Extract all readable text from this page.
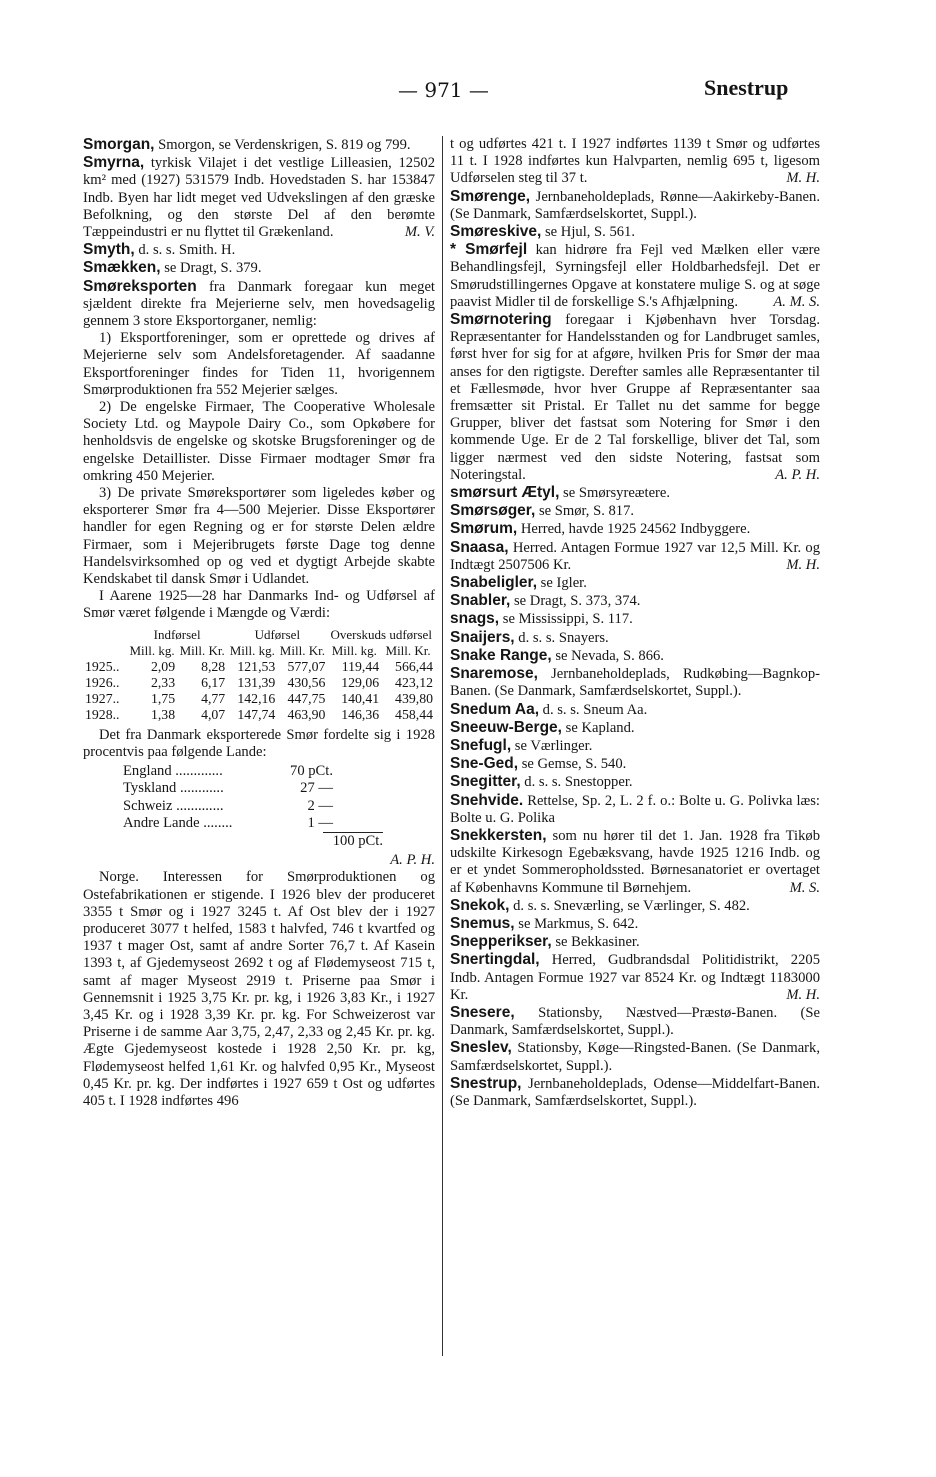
— 971 —	Snestrup

Smorgan, Smorgon, se Verdenskrigen, S. 819 og 799.

Smyrna, tyrkisk Vilajet i det vestlige Lilleasien, 12502 km² med (1927) 531579 Indb. Hovedstaden S. har 153847 Indb. Byen har lidt meget ved Udvekslingen af den græske Befolkning, og den største Del af den berømte Tæppeindustri er nu flyttet til Grækenland.	M. V.

Smyth, d. s. s. Smith. H.

Smækken, se Dragt, S. 379.

Smøreksporten fra Danmark foregaar kun meget sjældent direkte fra Mejerierne selv, men hovedsagelig gennem 3 store Eksportorganer, nemlig:

1) Eksportforeninger, som er oprettede og drives af Mejerierne selv som Andelsforetagender. Af saadanne Eksportforeninger findes for Tiden 11, hvorigennem Smørproduktionen fra 552 Mejerier sælges.

2) De engelske Firmaer, The Cooperative Wholesale Society Ltd. og Maypole Dairy Co., som Opkøbere for henholdsvis de engelske og skotske Brugsforeninger og de engelske Detaillister. Disse Firmaer modtager Smør fra omkring 450 Mejerier.

3) De private Smøreksportører som ligeledes køber og eksporterer Smør fra 4—500 Mejerier. Disse Eksportører handler for egen Regning og er for største Delen ældre Firmaer, som i Mejeribrugets første Dage tog denne Handelsvirksomhed op og ved et dygtigt Arbejde skabte Kendskabet til dansk Smør i Udlandet.

I Aarene 1925—28 har Danmarks Ind- og Udførsel af Smør været følgende i Mængde og Værdi:

	Indførsel		Udførsel		Overskuds udførsel	
	Mill. kg.	Mill. Kr.	Mill. kg.	Mill. Kr.	Mill. kg.	Mill. Kr.
1925..	2,09	8,28	121,53	577,07	119,44	566,44
1926..	2,33	6,17	131,39	430,56	129,06	423,12
1927..	1,75	4,77	142,16	447,75	140,41	439,80
1928..	1,38	4,07	147,74	463,90	146,36	458,44

Det fra Danmark eksporterede Smør fordelte sig i 1928 procentvis paa følgende Lande:

England .............	70 pCt.
Tyskland ............	27 —
Schweiz .............	2 —
Andre Lande ........	1 —
100 pCt.

A. P. H.

Norge. Interessen for Smørproduktionen og Ostefabrikationen er stigende. I 1926 blev der produceret 3355 t Smør og i 1927 3245 t. Af Ost blev der i 1927 produceret 3077 t helfed, 1583 t halvfed, 746 t kvartfed og 1937 t mager Ost, samt af andre Sorter 76,7 t. Af Kasein 1393 t, af Gjedemyseost 2692 t og af Flødemyseost 715 t, samt af mager Myseost 2919 t. Priserne paa Smør i Gennemsnit i 1925 3,75 Kr. pr. kg, i 1926 3,83 Kr., i 1927 3,45 Kr. og i 1928 3,39 Kr. pr. kg. For Schweizerost var Priserne i de samme Aar 3,75, 2,47, 2,33 og 2,45 Kr. pr. kg. Ægte Gjedemyseost kostede i 1928 2,50 Kr. pr. kg, Flødemyseost helfed 1,61 Kr. og halvfed 0,95 Kr., Myseost 0,45 Kr. pr. kg. Der indførtes i 1927 659 t Ost og udførtes 405 t. I 1928 indførtes 496

t og udførtes 421 t. I 1927 indførtes 1139 t Smør og udførtes 11 t. I 1928 indførtes kun Halvparten, nemlig 695 t, ligesom Udførselen steg til 37 t.	M. H.

Smørenge, Jernbaneholdeplads, Rønne—Aakirkeby-Banen. (Se Danmark, Samfærdselskortet, Suppl.).

Smøreskive, se Hjul, S. 561.

* Smørfejl kan hidrøre fra Fejl ved Mælken eller være Behandlingsfejl, Syrningsfejl eller Holdbarhedsfejl. Det er Smørudstillingernes Opgave at konstatere mulige S. og at søge paavist Midler til de forskellige S.'s Afhjælpning. A. M. S.

Smørnotering foregaar i Kjøbenhavn hver Torsdag. Repræsentanter for Handelsstanden og for Landbruget samles, først hver for sig for at afgøre, hvilken Pris for Smør der maa anses for den rigtigste. Derefter samles alle Repræsentanter til et Fællesmøde, hvor hver Gruppe af Repræsentanter saa fremsætter sit Pristal. Er Tallet nu det samme for begge Grupper, bliver det fastsat som Notering for Smør i den kommende Uge. Er de 2 Tal forskellige, bliver det Tal, som ligger nærmest ved den sidste Notering, fastsat som Noteringstal.	A. P. H.

smørsurt Ætyl, se Smørsyreætere.

Smørsøger, se Smør, S. 817.

Smørum, Herred, havde 1925 24562 Indbyggere.

Snaasa, Herred. Antagen Formue 1927 var 12,5 Mill. Kr. og Indtægt 2507506 Kr.	M. H.

Snabeligler, se Igler.

Snabler, se Dragt, S. 373, 374.

snags, se Mississippi, S. 117.

Snaijers, d. s. s. Snayers.

Snake Range, se Nevada, S. 866.

Snaremose, Jernbaneholdeplads, Rudkøbing—Bagnkop-Banen. (Se Danmark, Samfærdselskortet, Suppl.).

Snedum Aa, d. s. s. Sneum Aa.

Sneeuw-Berge, se Kapland.

Snefugl, se Værlinger.

Sne-Ged, se Gemse, S. 540.

Snegitter, d. s. s. Snestopper.

Snehvide. Rettelse, Sp. 2, L. 2 f. o.: Bolte u. G. Polivka læs: Bolte u. G. Polika

Snekkersten, som nu hører til det 1. Jan. 1928 fra Tikøb udskilte Kirkesogn Egebæksvang, havde 1925 1216 Indb. og er et yndet Sommeropholdssted. Børnesanatoriet er overtaget af Københavns Kommune til Børnehjem.	M. S.

Snekok, d. s. s. Sneværling, se Værlinger, S. 482.

Snemus, se Markmus, S. 642.

Snepperikser, se Bekkasiner.

Snertingdal, Herred, Gudbrandsdal Politidistrikt, 2205 Indb. Antagen Formue 1927 var 8524 Kr. og Indtægt 1183000 Kr.	M. H.

Snesere, Stationsby, Næstved—Præstø-Banen. (Se Danmark, Samfærdselskortet, Suppl.).

Sneslev, Stationsby, Køge—Ringsted-Banen. (Se Danmark, Samfærdselskortet, Suppl.).

Snestrup, Jernbaneholdeplads, Odense—Middelfart-Banen. (Se Danmark, Samfærdselskortet, Suppl.).
